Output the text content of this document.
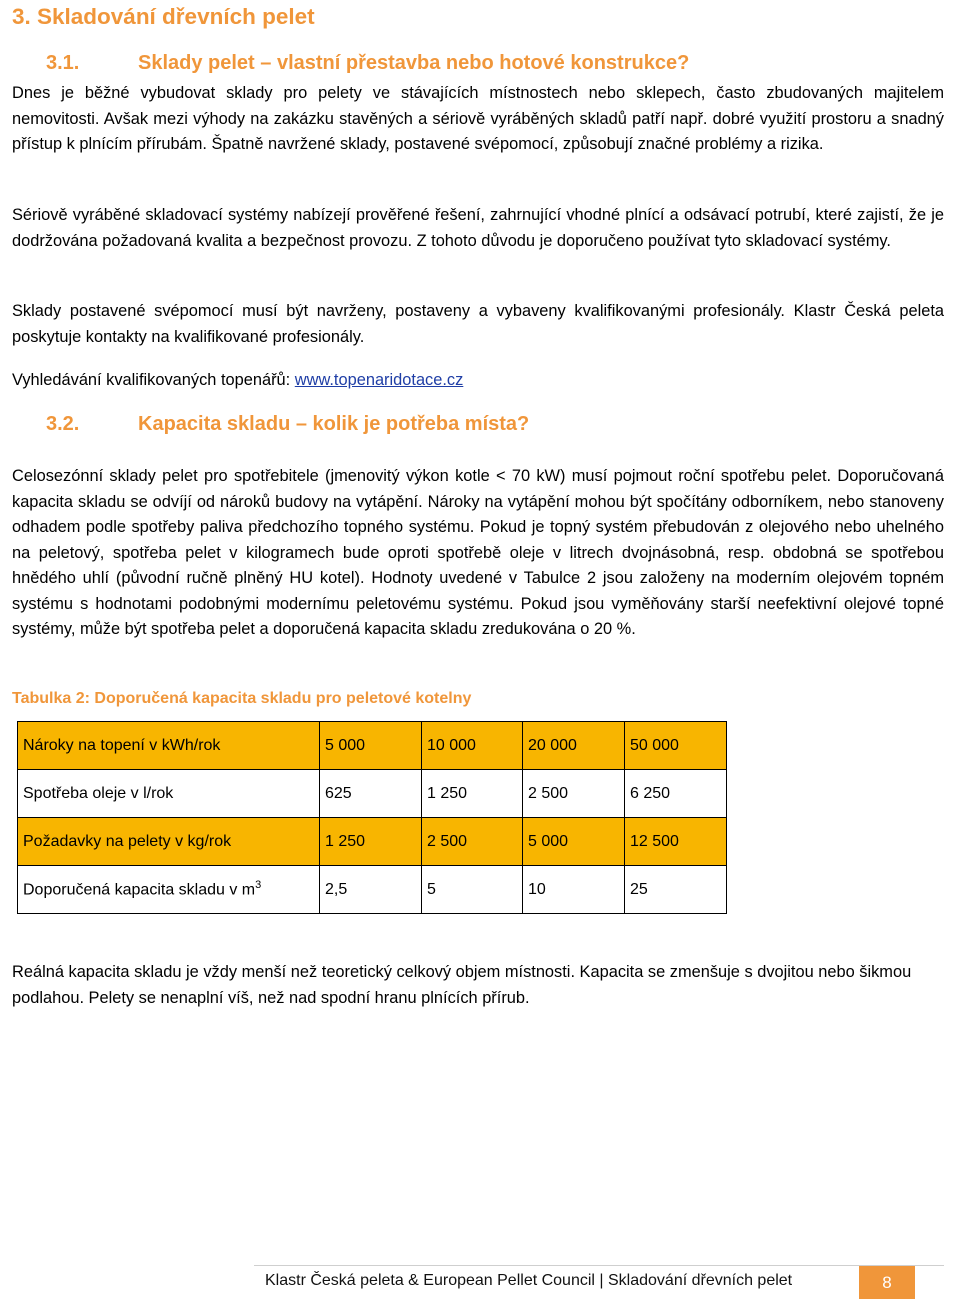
3. Skladování dřevních pelet
3.1.	Sklady pelet – vlastní přestavba nebo hotové konstrukce?

Dnes je běžné vybudovat sklady pro pelety ve stávajících místnostech nebo sklepech, často zbudovaných majitelem nemovitosti. Avšak mezi výhody na zakázku stavěných a sériově vyráběných skladů patří např. dobré využití prostoru a snadný přístup k plnícím přírubám. Špatně navržené sklady, postavené svépomocí, způsobují značné problémy a rizika.

Sériově vyráběné skladovací systémy nabízejí prověřené řešení, zahrnující vhodné plnící a odsávací potrubí, které zajistí, že je dodržována požadovaná kvalita a bezpečnost provozu. Z tohoto důvodu je doporučeno používat tyto skladovací systémy.

Sklady postavené svépomocí musí být navrženy, postaveny a vybaveny kvalifikovanými profesionály. Klastr Česká peleta poskytuje kontakty na kvalifikované profesionály.

Vyhledávání kvalifikovaných topenářů: www.topenaridotace.cz

3.2.	Kapacita skladu – kolik je potřeba místa?

Celosezónní sklady pelet pro spotřebitele (jmenovitý výkon kotle < 70 kW) musí pojmout roční spotřebu pelet. Doporučovaná kapacita skladu se odvíjí od nároků budovy na vytápění. Nároky na vytápění mohou být spočítány odborníkem, nebo stanoveny odhadem podle spotřeby paliva předchozího topného systému. Pokud je topný systém přebudován z olejového nebo uhelného na peletový, spotřeba pelet v kilogramech bude oproti spotřebě oleje v litrech dvojnásobná, resp. obdobná se spotřebou hnědého uhlí (původní ručně plněný HU kotel). Hodnoty uvedené v Tabulce 2 jsou založeny na moderním olejovém topném systému s hodnotami podobnými modernímu peletovému systému. Pokud jsou vyměňovány starší neefektivní olejové topné systémy, může být spotřeba pelet a doporučená kapacita skladu zredukována o 20 %.

Tabulka 2: Doporučená kapacita skladu pro peletové kotelny
Nároky na topení v kWh/rok	5 000	10 000	20 000	50 000
Spotřeba oleje v l/rok	625	1 250	2 500	6 250
Požadavky na pelety v kg/rok	1 250	2 500	5 000	12 500
Doporučená kapacita skladu v $m^3$	2,5	5	10	25

Reálná kapacita skladu je vždy menší než teoretický celkový objem místnosti. Kapacita se zmenšuje s dvojitou nebo šikmou podlahou. Pelety se nenaplní víš, než nad spodní hranu plnících přírub.

Klastr Česká peleta & European Pellet Council | Skladování dřevních pelet	8
